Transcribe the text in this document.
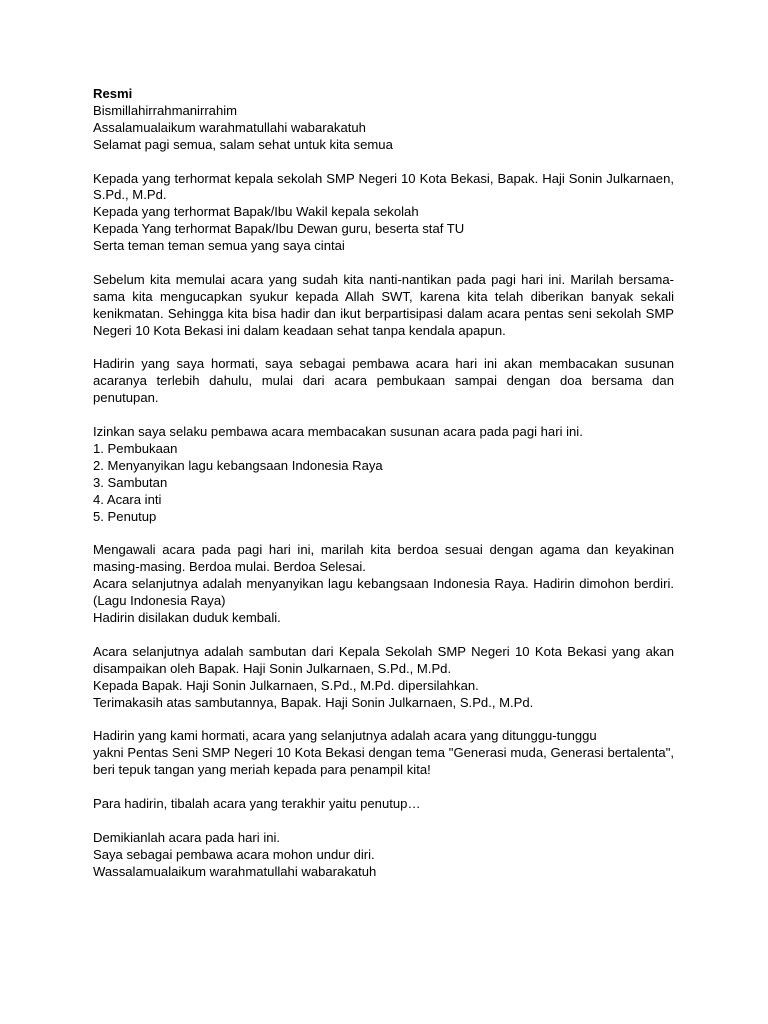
Resmi
Bismillahirrahmanirrahim
Assalamualaikum warahmatullahi wabarakatuh
Selamat pagi semua, salam sehat untuk kita semua
Kepada yang terhormat kepala sekolah SMP Negeri 10 Kota Bekasi, Bapak. Haji Sonin Julkarnaen, S.Pd., M.Pd.
Kepada yang terhormat Bapak/Ibu Wakil kepala sekolah
Kepada Yang terhormat Bapak/Ibu Dewan guru, beserta staf TU
Serta teman teman semua yang saya cintai
Sebelum kita memulai acara yang sudah kita nanti-nantikan pada pagi hari ini. Marilah bersama-sama kita mengucapkan syukur kepada Allah SWT, karena kita telah diberikan banyak sekali kenikmatan. Sehingga kita bisa hadir dan ikut berpartisipasi dalam acara pentas seni sekolah SMP Negeri 10 Kota Bekasi ini dalam keadaan sehat tanpa kendala apapun.
Hadirin yang saya hormati, saya sebagai pembawa acara hari ini akan membacakan susunan acaranya terlebih dahulu, mulai dari acara pembukaan sampai dengan doa bersama dan penutupan.
Izinkan saya selaku pembawa acara membacakan susunan acara pada pagi hari ini.
1. Pembukaan
2. Menyanyikan lagu kebangsaan Indonesia Raya
3. Sambutan
4. Acara inti
5. Penutup
Mengawali acara pada pagi hari ini, marilah kita berdoa sesuai dengan agama dan keyakinan masing-masing. Berdoa mulai. Berdoa Selesai.
Acara selanjutnya adalah menyanyikan lagu kebangsaan Indonesia Raya. Hadirin dimohon berdiri. (Lagu Indonesia Raya)
Hadirin disilakan duduk kembali.
Acara selanjutnya adalah sambutan dari Kepala Sekolah SMP Negeri 10 Kota Bekasi yang akan disampaikan oleh Bapak. Haji Sonin Julkarnaen, S.Pd., M.Pd.
Kepada Bapak. Haji Sonin Julkarnaen, S.Pd., M.Pd. dipersilahkan.
Terimakasih atas sambutannya, Bapak. Haji Sonin Julkarnaen, S.Pd., M.Pd.
Hadirin yang kami hormati, acara yang selanjutnya adalah acara yang ditunggu-tunggu
yakni Pentas Seni SMP Negeri 10 Kota Bekasi dengan tema "Generasi muda, Generasi bertalenta", beri tepuk tangan yang meriah kepada para penampil kita!
Para hadirin, tibalah acara yang terakhir yaitu penutup…
Demikianlah acara pada hari ini.
Saya sebagai pembawa acara mohon undur diri.
Wassalamualaikum warahmatullahi wabarakatuh
